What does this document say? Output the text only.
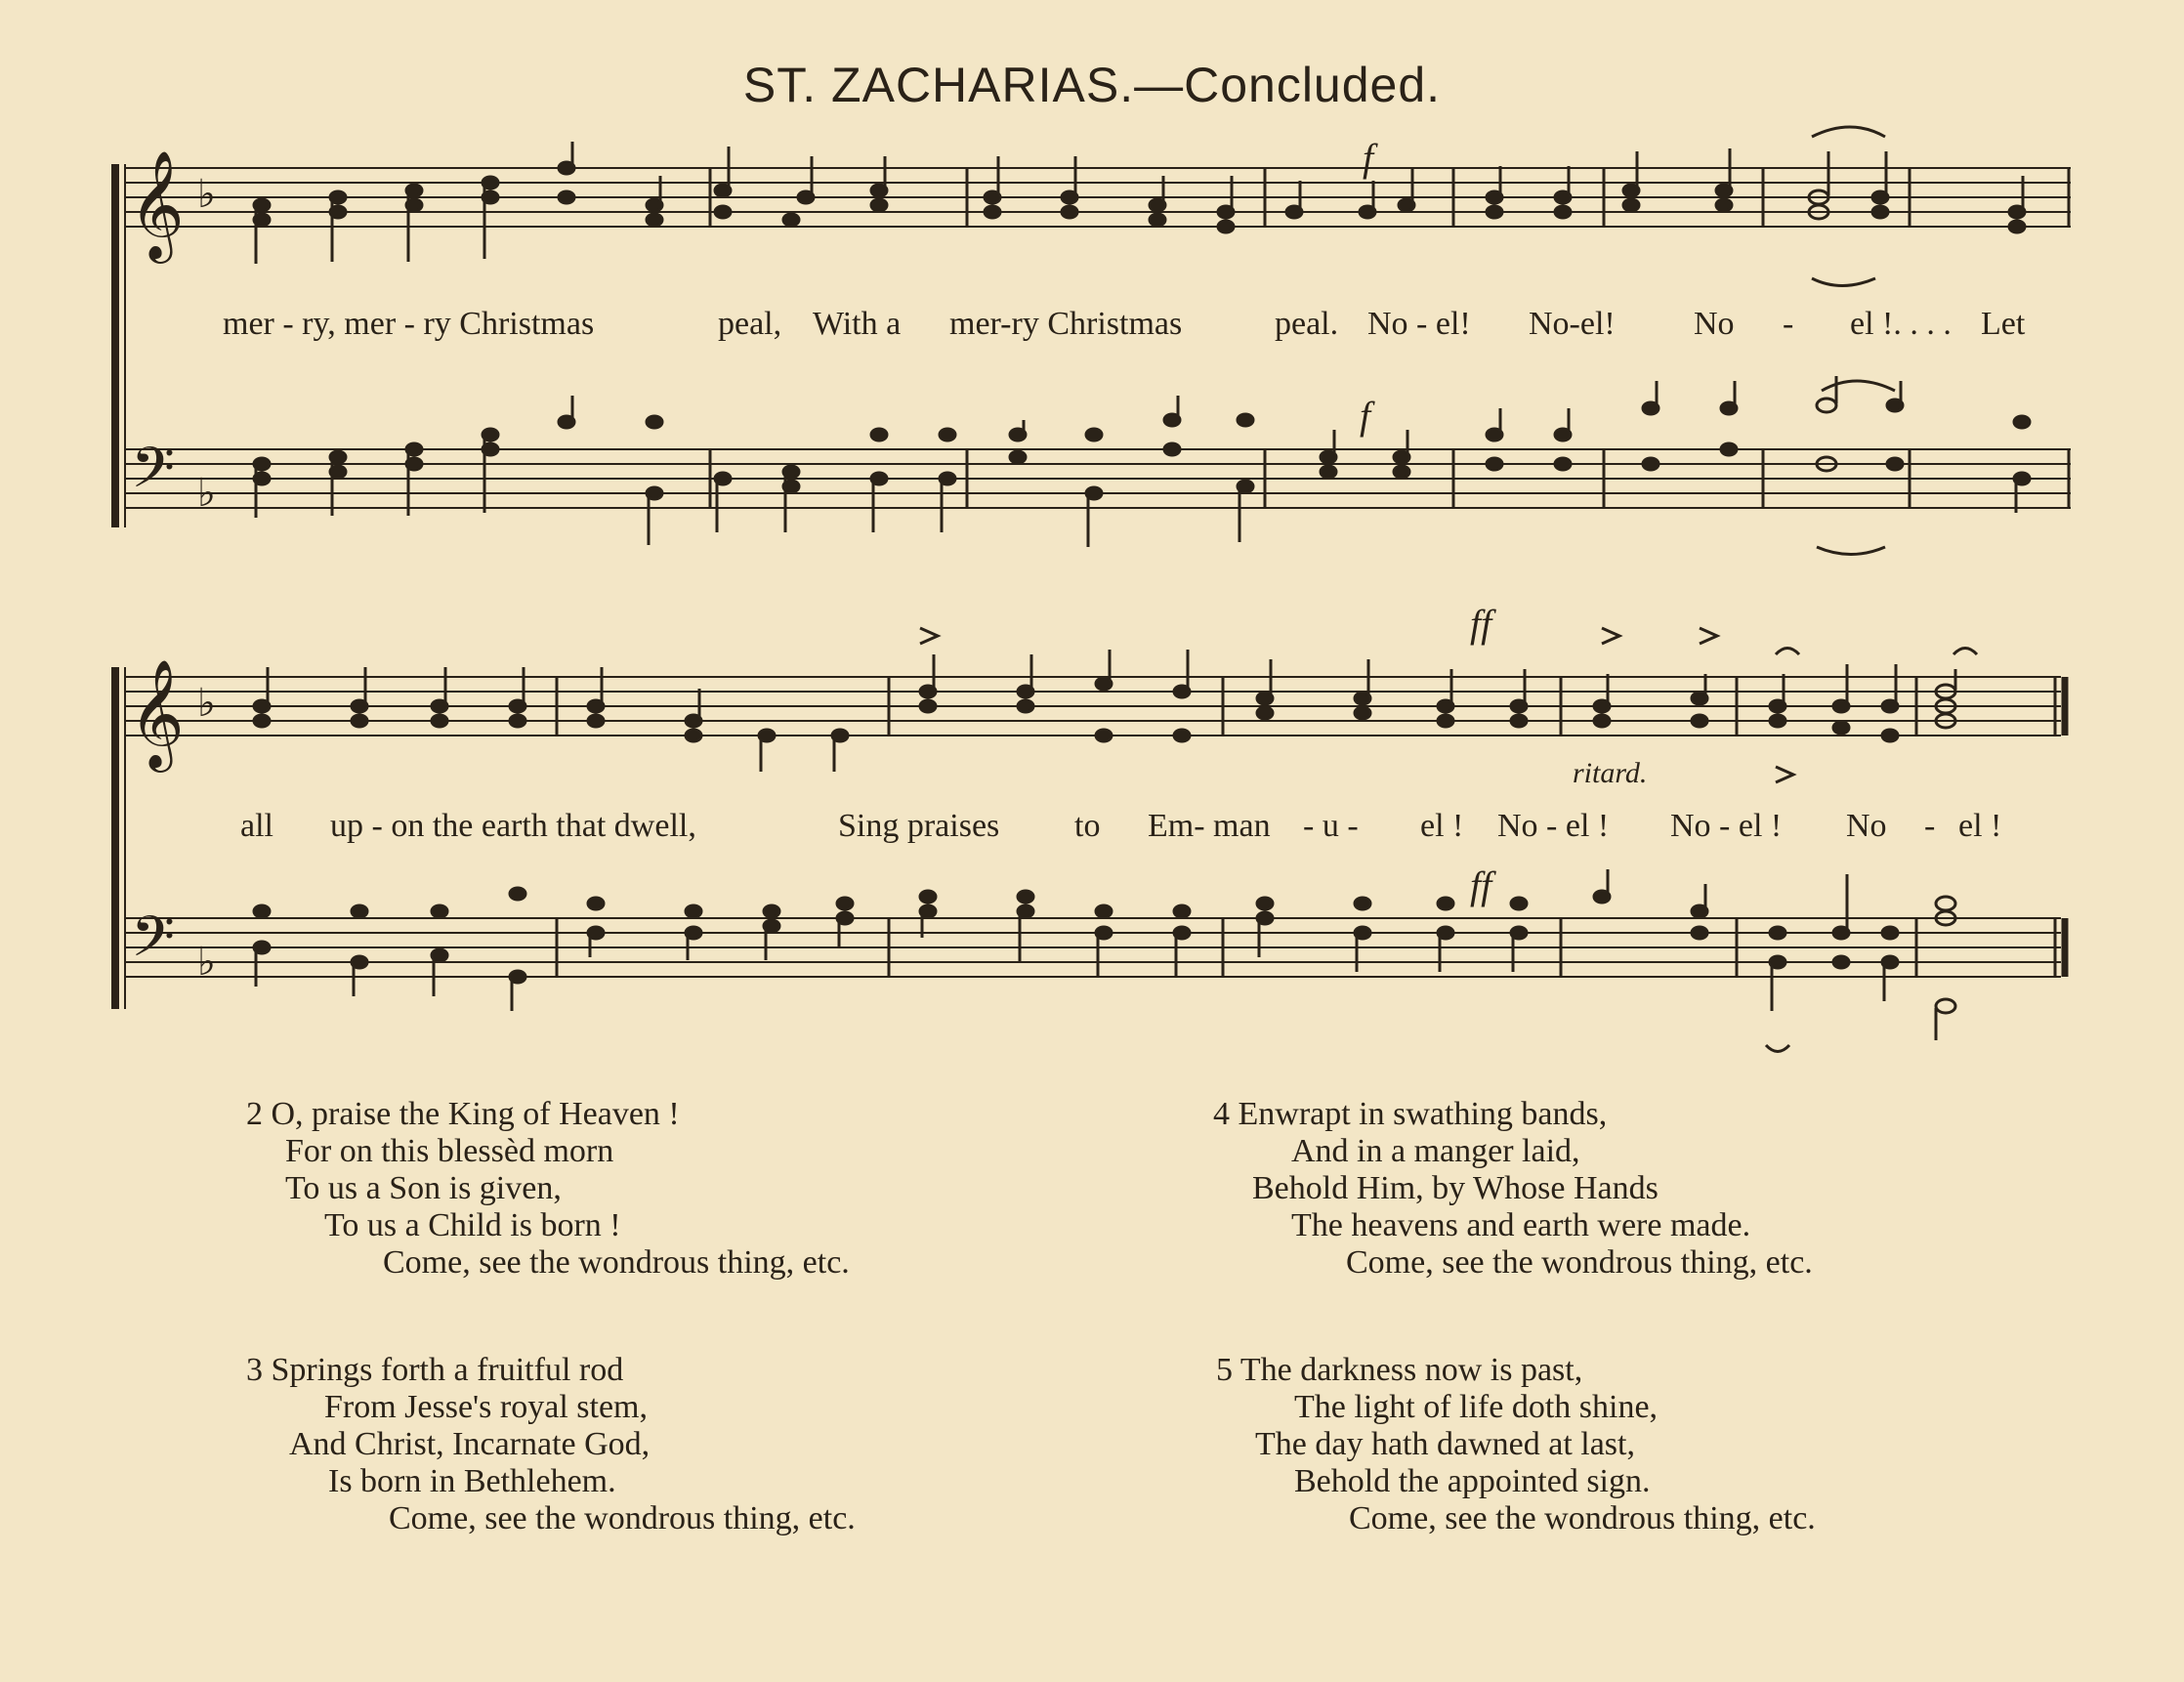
ST. ZACHARIAS.—Concluded.
𝄞 ♭
𝄢 ♭
f
f
mer - ry, mer - ry Christmas	peal, With a mer-ry Christmas	peal. No - el! No-el! No - el !. . . . Let
𝄞 ♭
𝄢 ♭
ff
ff
ritard.
all up - on the earth that dwell,	Sing praises to Em- man - u - el ! No - el ! No - el ! No - el !
2 O, praise the King of Heaven !
For on this blessèd morn
To us a Son is given,
To us a Child is born !
Come, see the wondrous thing, etc.
3 Springs forth a fruitful rod
From Jesse's royal stem,
And Christ, Incarnate God,
Is born in Bethlehem.
Come, see the wondrous thing, etc.
4 Enwrapt in swathing bands,
And in a manger laid,
Behold Him, by Whose Hands
The heavens and earth were made.
Come, see the wondrous thing, etc.
5 The darkness now is past,
The light of life doth shine,
The day hath dawned at last,
Behold the appointed sign.
Come, see the wondrous thing, etc.
